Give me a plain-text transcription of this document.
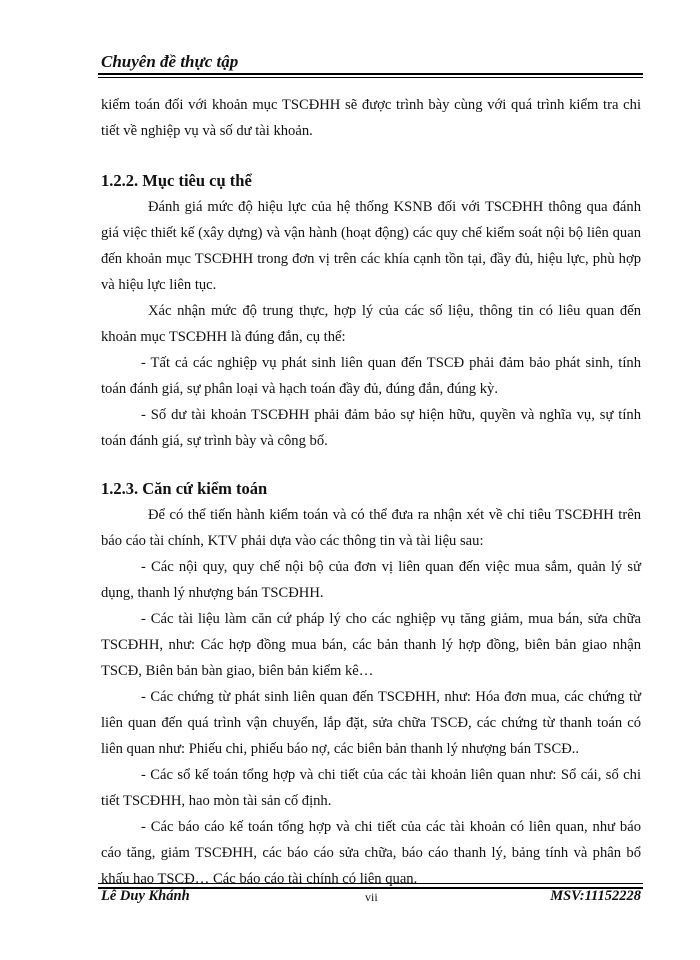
Chuyên đề thực tập

kiểm toán đối với khoản mục TSCĐHH sẽ được trình bày cùng với quá trình kiểm tra chi tiết về nghiệp vụ và số dư tài khoản.

1.2.2. Mục tiêu cụ thể

Đánh giá mức độ hiệu lực của hệ thống KSNB đối với TSCĐHH thông qua đánh giá việc thiết kế (xây dựng) và vận hành (hoạt động) các quy chế kiểm soát nội bộ liên quan đến khoản mục TSCĐHH trong đơn vị trên các khía cạnh tồn tại, đầy đủ, hiệu lực, phù hợp và hiệu lực liên tục.

Xác nhận mức độ trung thực, hợp lý của các số liệu, thông tin có liêu quan đến khoản mục TSCĐHH là đúng đắn, cụ thể:

- Tất cả các nghiệp vụ phát sinh liên quan đến TSCĐ phải đảm bảo phát sinh, tính toán đánh giá, sự phân loại và hạch toán đầy đủ, đúng đắn, đúng kỳ.

- Số dư tài khoản TSCĐHH phải đảm bảo sự hiện hữu, quyền và nghĩa vụ, sự tính toán đánh giá, sự trình bày và công bố.

1.2.3. Căn cứ kiểm toán

Để có thể tiến hành kiểm toán và có thể đưa ra nhận xét về chỉ tiêu TSCĐHH trên báo cáo tài chính, KTV phải dựa vào các thông tin và tài liệu sau:

- Các nội quy, quy chế nội bộ của đơn vị liên quan đến việc mua sắm, quản lý sử dụng, thanh lý nhượng bán TSCĐHH.

- Các tài liệu làm căn cứ pháp lý cho các nghiệp vụ tăng giảm, mua bán, sửa chữa TSCĐHH, như: Các hợp đồng mua bán, các bản thanh lý hợp đồng, biên bản giao nhận TSCĐ, Biên bản bàn giao, biên bản kiểm kê…

- Các chứng từ phát sinh liên quan đến TSCĐHH, như: Hóa đơn mua, các chứng từ liên quan đến quá trình vận chuyển, lắp đặt, sửa chữa TSCĐ, các chứng từ thanh toán có liên quan như: Phiếu chi, phiếu báo nợ, các biên bản thanh lý nhượng bán TSCĐ..

- Các sổ kế toán tổng hợp và chi tiết của các tài khoản liên quan như: Sổ cái, sổ chi tiết TSCĐHH, hao mòn tài sản cố định.

- Các báo cáo kế toán tổng hợp và chi tiết của các tài khoản có liên quan, như báo cáo tăng, giảm TSCĐHH, các báo cáo sửa chữa, báo cáo thanh lý, bảng tính và phân bổ khấu hao TSCĐ… Các báo cáo tài chính có liên quan.

Lê Duy Khánh	vii	MSV:11152228
